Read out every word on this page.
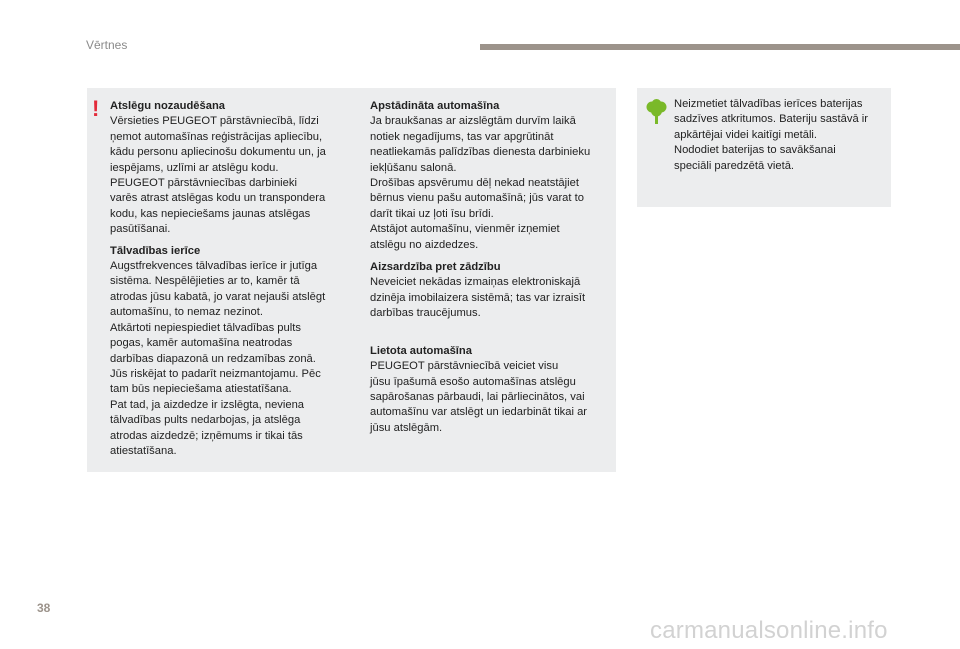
Vērtnes
! Atslēgu nozaudēšana

Vērsieties PEUGEOT pārstāvniecībā, līdzi
ņemot automašīnas reģistrācijas apliecību,
kādu personu apliecinošu dokumentu un, ja
iespējams, uzlīmi ar atslēgu kodu.
PEUGEOT pārstāvniecības darbinieki
varēs atrast atslēgas kodu un transpondera
kodu, kas nepieciešams jaunas atslēgas
pasūtīšanai.

Tālvadības ierīce

Augstfrekvences tālvadības ierīce ir jutīga
sistēma. Nespēlējieties ar to, kamēr tā
atrodas jūsu kabatā, jo varat nejauši atslēgt
automašīnu, to nemaz nezinot.
Atkārtoti nepiespiediet tālvadības pults
pogas, kamēr automašīna neatrodas
darbības diapazonā un redzamības zonā.
Jūs riskējat to padarīt neizmantojamu. Pēc
tam būs nepieciešama atiestatīšana.
Pat tad, ja aizdedze ir izslēgta, neviena
tālvadības pults nedarbojas, ja atslēga
atrodas aizdedzē; izņēmums ir tikai tās
atiestatīšana.

Apstādināta automašīna

Ja braukšanas ar aizslēgtām durvīm laikā
notiek negadījums, tas var apgrūtināt
neatliekamās palīdzības dienesta darbinieku
iekļūšanu salonā.
Drošības apsvērumu dēļ nekad neatstājiet
bērnus vienu pašu automašīnā; jūs varat to
darīt tikai uz ļoti īsu brīdi.
Atstājot automašīnu, vienmēr izņemiet
atslēgu no aizdedzes.

Aizsardzība pret zādzību

Neveiciet nekādas izmaiņas elektroniskajā
dzinēja imobilaizera sistēmā; tas var izraisīt
darbības traucējumus.

Lietota automašīna

PEUGEOT pārstāvniecībā veiciet visu
jūsu īpašumā esošo automašīnas atslēgu
sapārošanas pārbaudi, lai pārliecinātos, vai
automašīnu var atslēgt un iedarbināt tikai ar
jūsu atslēgām.

Neizmetiet tālvadības ierīces baterijas
sadzīves atkritumos. Bateriju sastāvā ir
apkārtējai videi kaitīgi metāli.
Nododiet baterijas to savākšanai
speciāli paredzētā vietā.

38
carmanualsonline.info
